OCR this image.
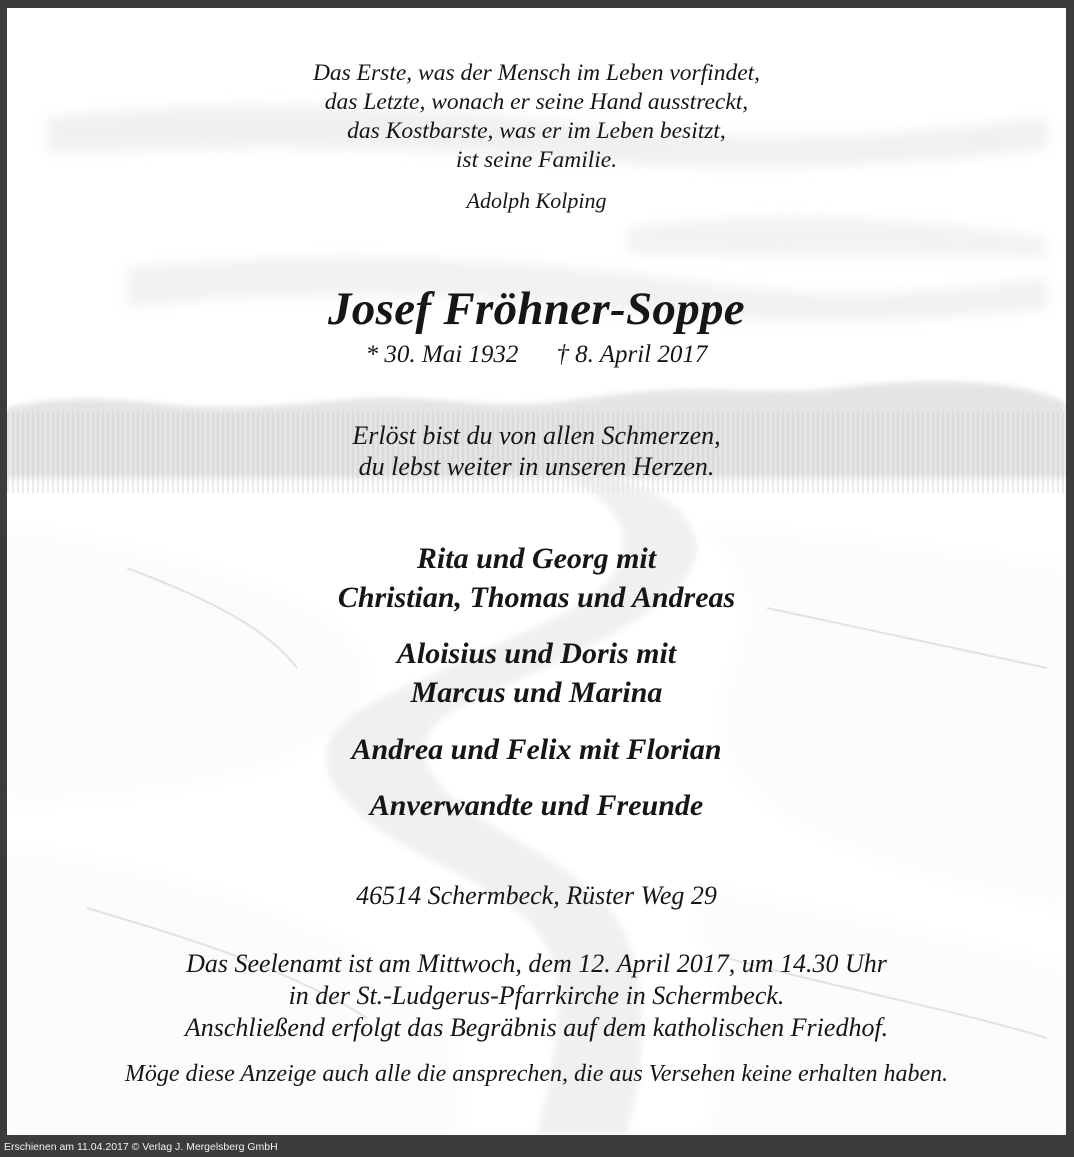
Das Erste, was der Mensch im Leben vorfindet,
das Letzte, wonach er seine Hand ausstreckt,
das Kostbarste, was er im Leben besitzt,
ist seine Familie.
Adolph Kolping
Josef Fröhner-Soppe
* 30. Mai 1932 † 8. April 2017
Erlöst bist du von allen Schmerzen,
du lebst weiter in unseren Herzen.
Rita und Georg mit
Christian, Thomas und Andreas
Aloisius und Doris mit
Marcus und Marina
Andrea und Felix mit Florian
Anverwandte und Freunde
46514 Schermbeck, Rüster Weg 29
Das Seelenamt ist am Mittwoch, dem 12. April 2017, um 14.30 Uhr
in der St.-Ludgerus-Pfarrkirche in Schermbeck.
Anschließend erfolgt das Begräbnis auf dem katholischen Friedhof.
Möge diese Anzeige auch alle die ansprechen, die aus Versehen keine erhalten haben.
Erschienen am 11.04.2017 © Verlag J. Mergelsberg GmbH
